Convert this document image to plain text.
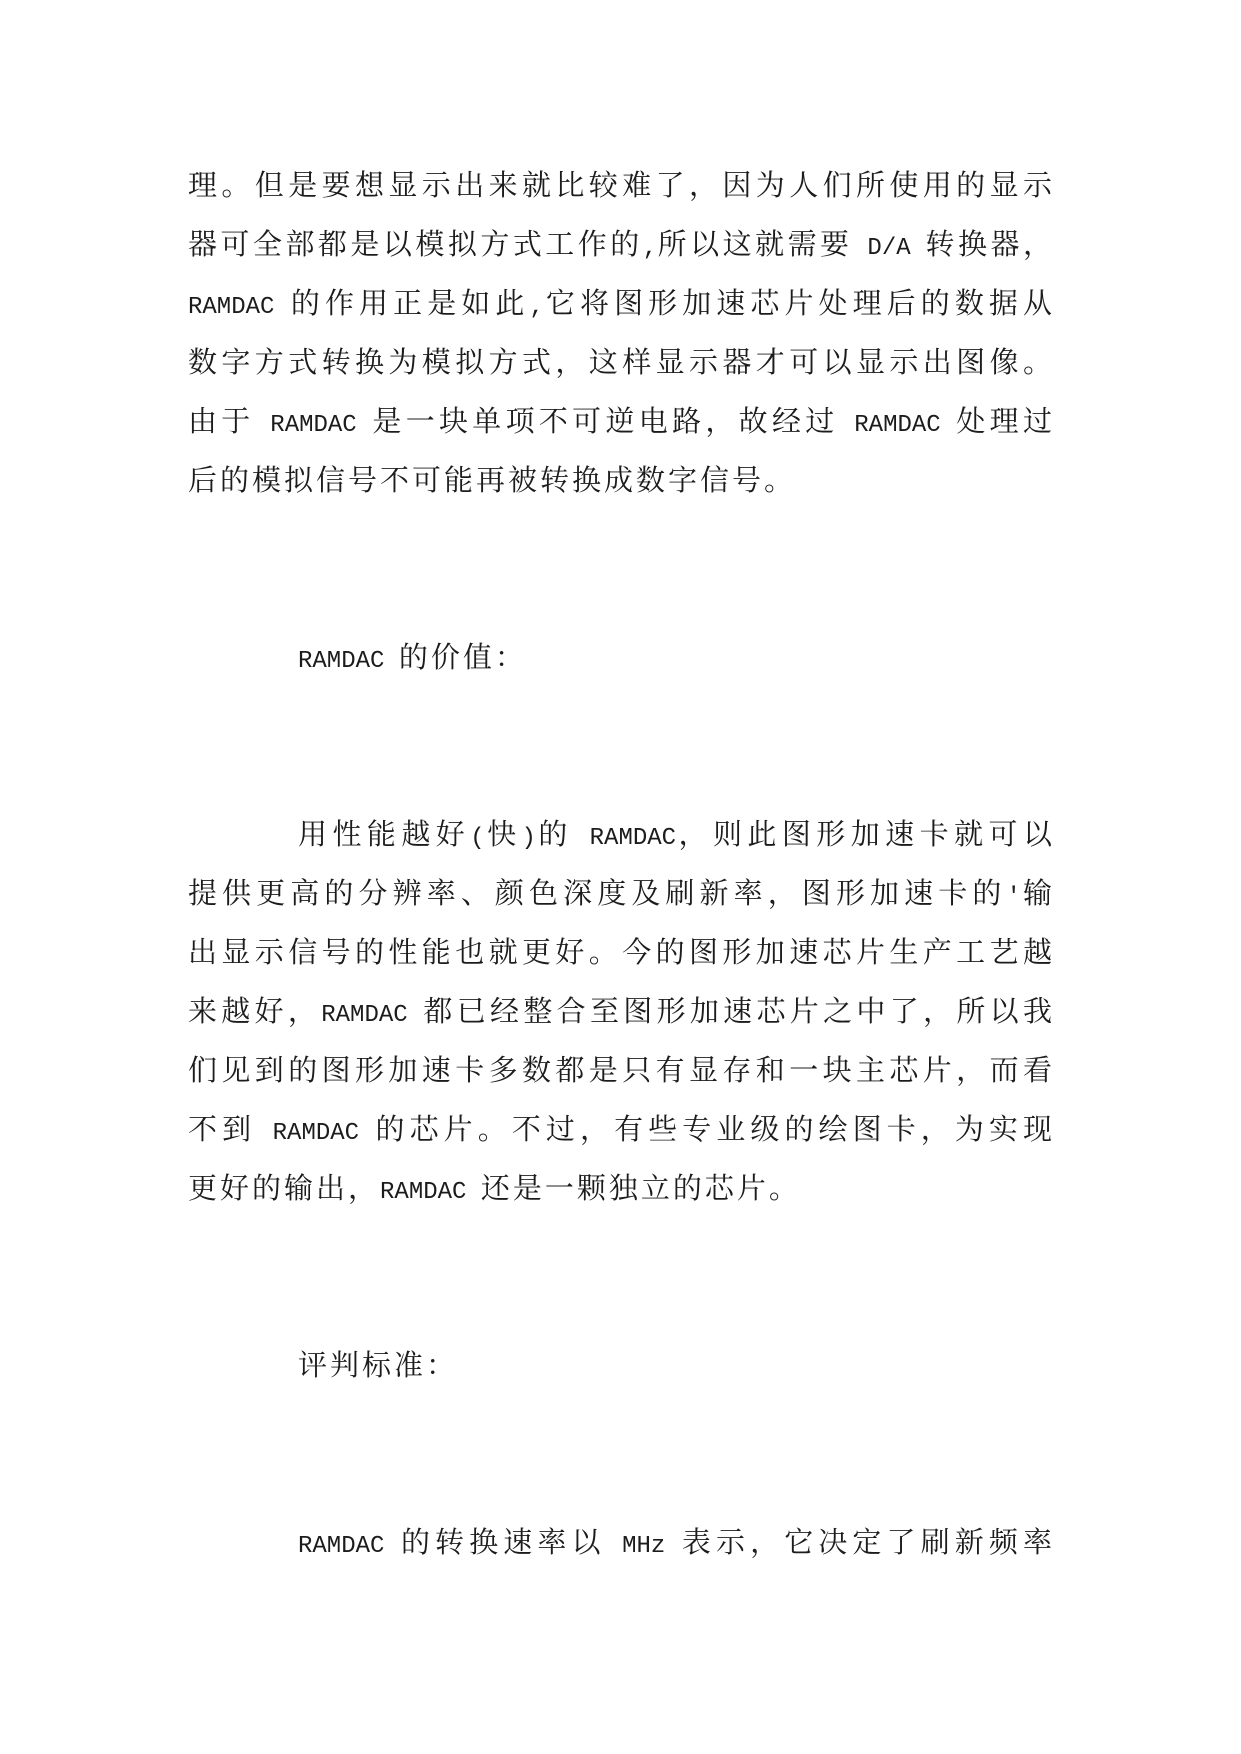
理。但是要想显示出来就比较难了，因为人们所使用的显示
器可全部都是以模拟方式工作的,所以这就需要 D/A 转换器，
RAMDAC 的作用正是如此,它将图形加速芯片处理后的数据从
数字方式转换为模拟方式，这样显示器才可以显示出图像。
由于 RAMDAC 是一块单项不可逆电路，故经过 RAMDAC 处理过
后的模拟信号不可能再被转换成数字信号。
RAMDAC 的价值：
用性能越好(快)的 RAMDAC，则此图形加速卡就可以
提供更高的分辨率、颜色深度及刷新率，图形加速卡的'输
出显示信号的性能也就更好。今的图形加速芯片生产工艺越
来越好，RAMDAC 都已经整合至图形加速芯片之中了，所以我
们见到的图形加速卡多数都是只有显存和一块主芯片，而看
不到 RAMDAC 的芯片。不过，有些专业级的绘图卡，为实现
更好的输出，RAMDAC 还是一颗独立的芯片。
评判标准：
RAMDAC 的转换速率以 MHz 表示，它决定了刷新频率
